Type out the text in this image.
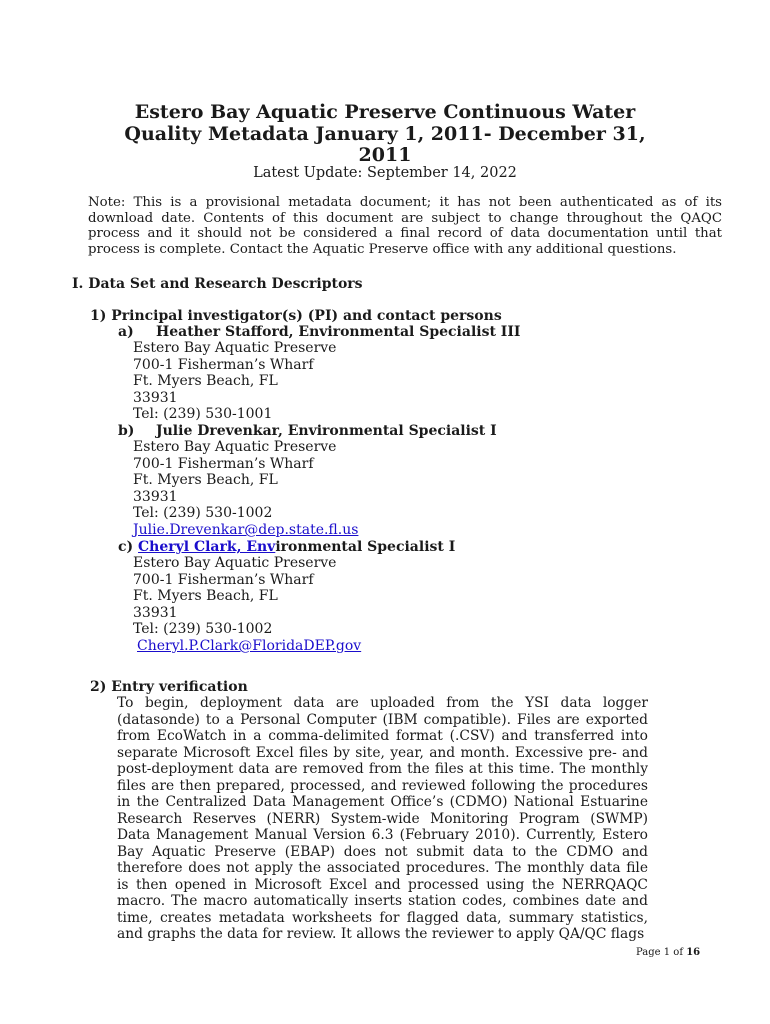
Estero Bay Aquatic Preserve Continuous Water
Quality Metadata January 1, 2011- December 31,
2011
Latest Update: September 14, 2022
Note: This is a provisional metadata document; it has not been authenticated as of its download date. Contents of this document are subject to change throughout the QAQC process and it should not be considered a final record of data documentation until that process is complete. Contact the Aquatic Preserve office with any additional questions.
I. Data Set and Research Descriptors
1) Principal investigator(s) (PI) and contact persons
a) Heather Stafford, Environmental Specialist III
Estero Bay Aquatic Preserve
700-1 Fisherman’s Wharf
Ft. Myers Beach, FL
33931
Tel: (239) 530-1001
b) Julie Drevenkar, Environmental Specialist I
Estero Bay Aquatic Preserve
700-1 Fisherman’s Wharf
Ft. Myers Beach, FL
33931
Tel: (239) 530-1002
Julie.Drevenkar@dep.state.fl.us
c) Cheryl Clark, Environmental Specialist I
Estero Bay Aquatic Preserve
700-1 Fisherman’s Wharf
Ft. Myers Beach, FL
33931
Tel: (239) 530-1002
Cheryl.P.Clark@FloridaDEP.gov
2) Entry verification
To begin, deployment data are uploaded from the YSI data logger (datasonde) to a Personal Computer (IBM compatible). Files are exported from EcoWatch in a comma-delimited format (.CSV) and transferred into separate Microsoft Excel files by site, year, and month. Excessive pre- and post-deployment data are removed from the files at this time. The monthly files are then prepared, processed, and reviewed following the procedures in the Centralized Data Management Office’s (CDMO) National Estuarine Research Reserves (NERR) System-wide Monitoring Program (SWMP) Data Management Manual Version 6.3 (February 2010). Currently, Estero Bay Aquatic Preserve (EBAP) does not submit data to the CDMO and therefore does not apply the associated procedures. The monthly data file is then opened in Microsoft Excel and processed using the NERRQAQC macro. The macro automatically inserts station codes, combines date and time, creates metadata worksheets for flagged data, summary statistics, and graphs the data for review. It allows the reviewer to apply QA/QC flags
Page 1 of 16
